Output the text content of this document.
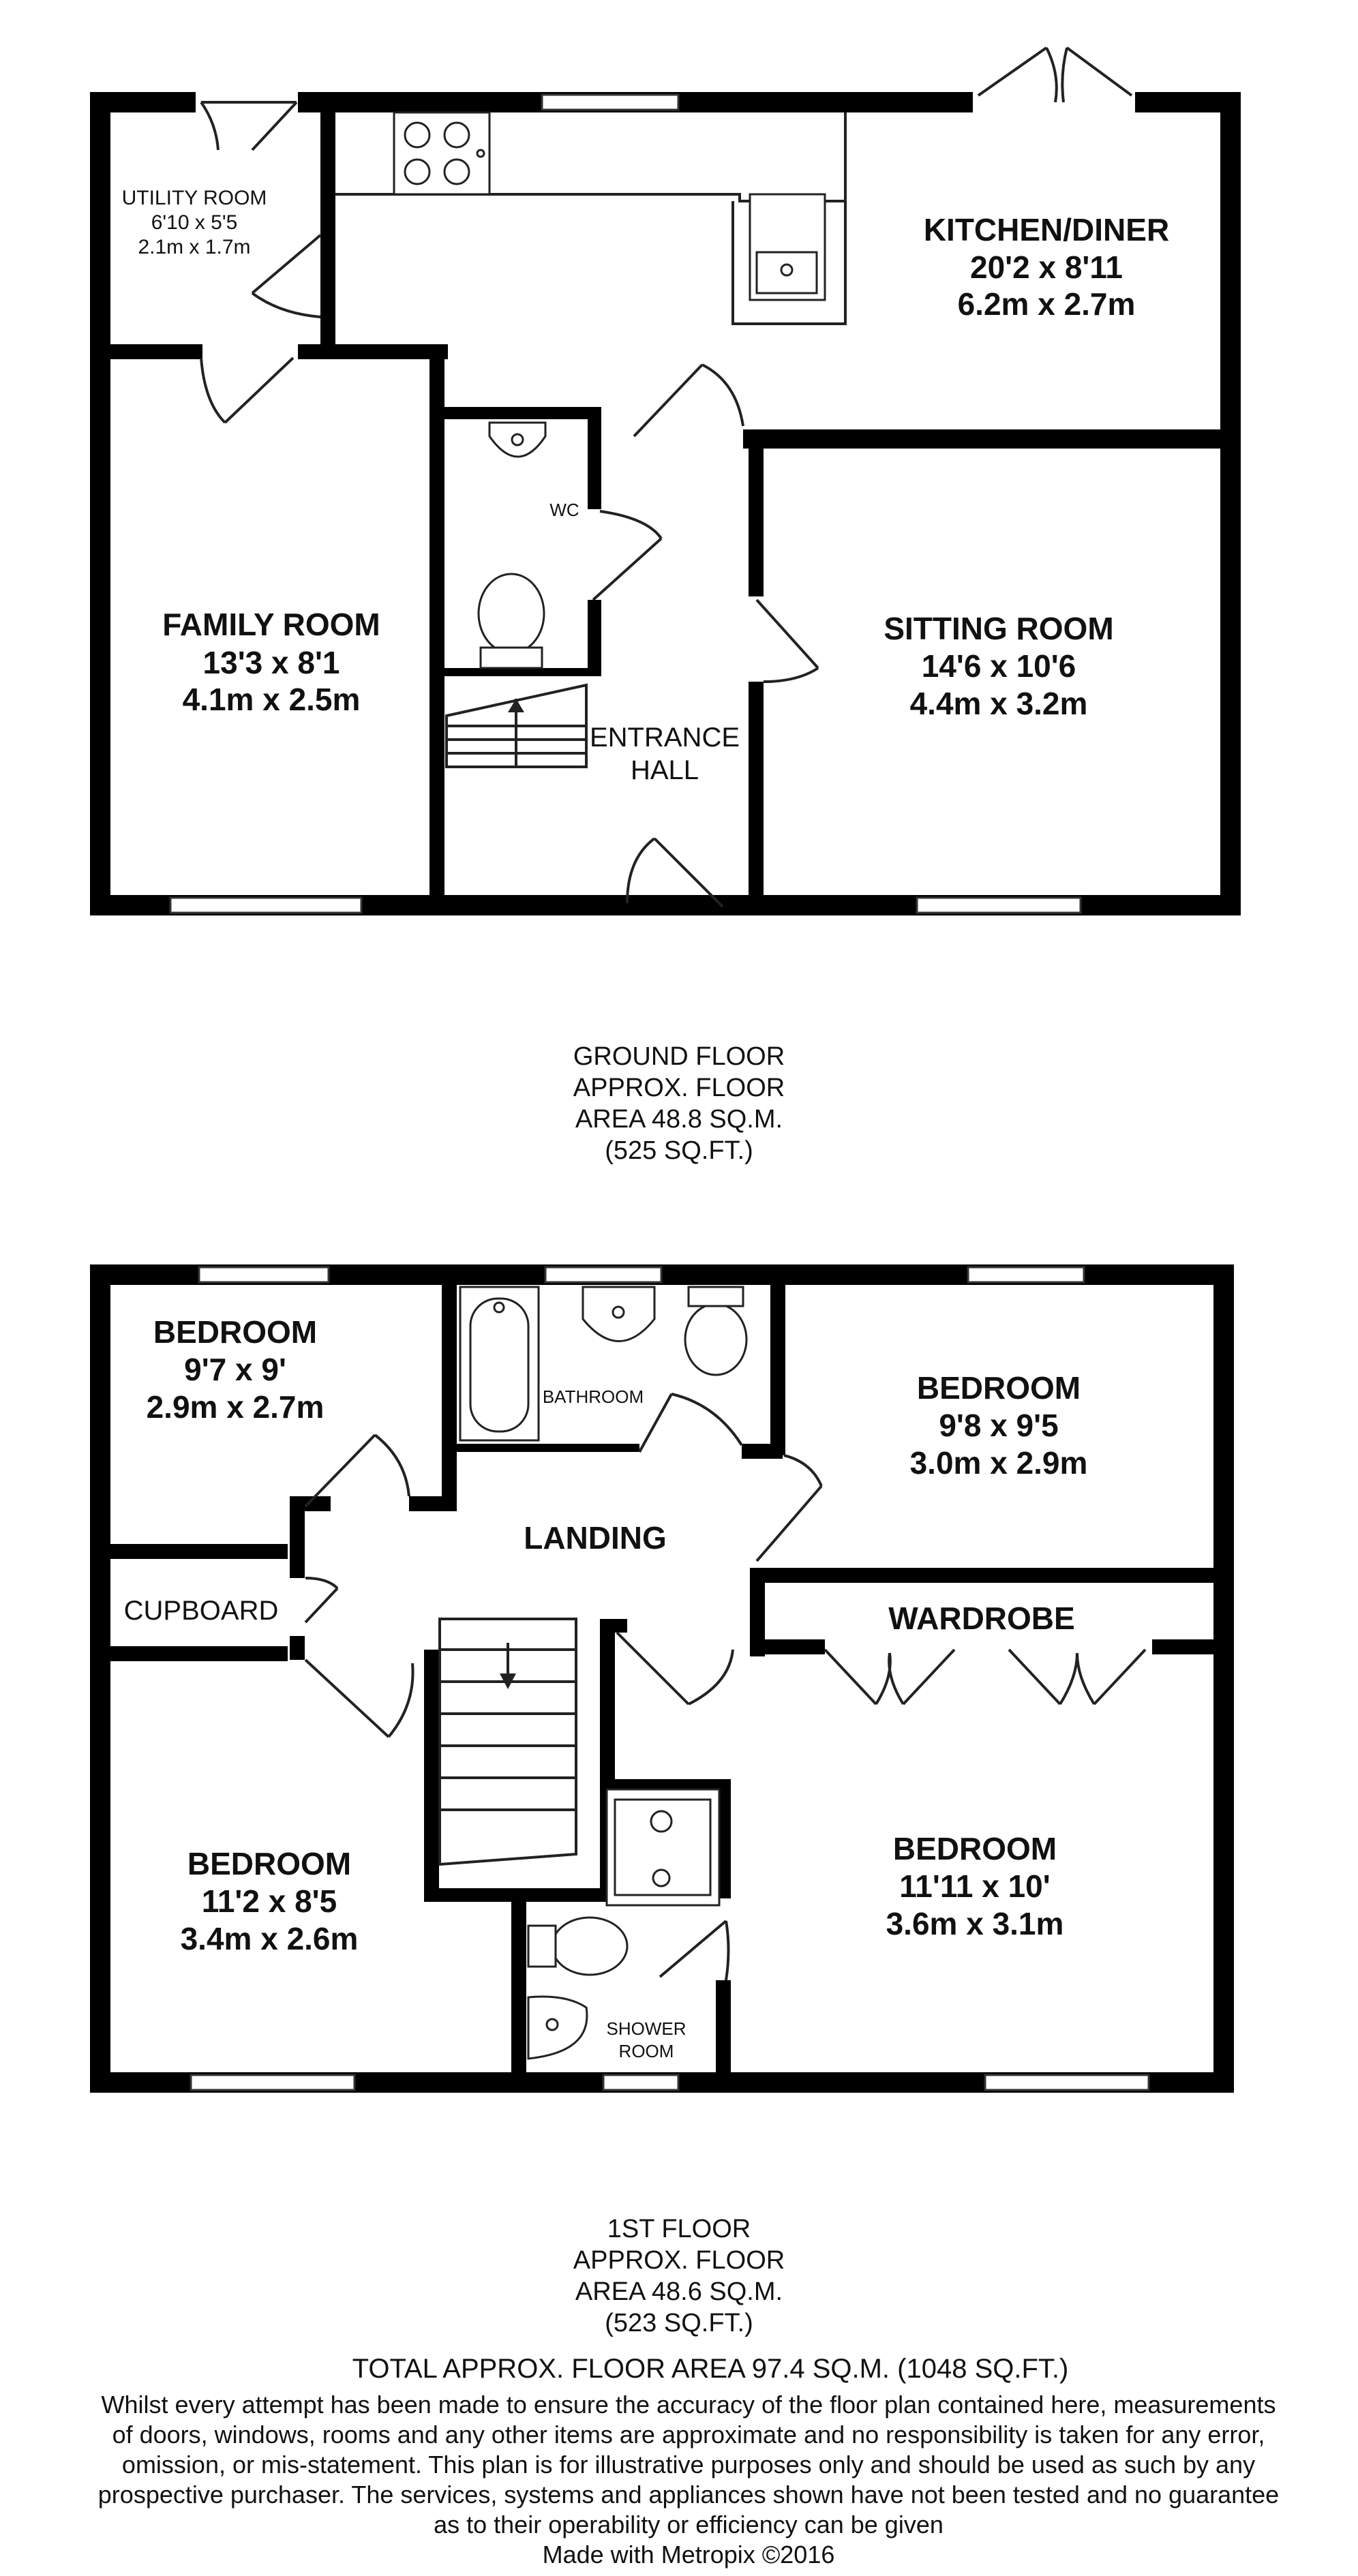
KITCHEN/DINER
20'2 x 8'11
6.2m x 2.7m
UTILITY ROOM
6'10 x 5'5
2.1m x 1.7m
FAMILY ROOM
13'3 x 8'1
4.1m x 2.5m
SITTING ROOM
14'6 x 10'6
4.4m x 3.2m
WC
ENTRANCE
HALL
GROUND FLOOR
APPROX. FLOOR
AREA 48.8 SQ.M.
(525 SQ.FT.)
BEDROOM
9'7 x 9'
2.9m x 2.7m
BEDROOM
9'8 x 9'5
3.0m x 2.9m
BEDROOM
11'2 x 8'5
3.4m x 2.6m
BEDROOM
11'11 x 10'
3.6m x 3.1m
BATHROOM
LANDING
CUPBOARD	WARDROBE
SHOWER
ROOM
1ST FLOOR
APPROX. FLOOR
AREA 48.6 SQ.M.
(523 SQ.FT.)
TOTAL APPROX. FLOOR AREA 97.4 SQ.M. (1048 SQ.FT.)
Whilst every attempt has been made to ensure the accuracy of the floor plan contained here, measurements
of doors, windows, rooms and any other items are approximate and no responsibility is taken for any error,
omission, or mis-statement. This plan is for illustrative purposes only and should be used as such by any
prospective purchaser. The services, systems and appliances shown have not been tested and no guarantee
as to their operability or efficiency can be given
Made with Metropix ©2016
